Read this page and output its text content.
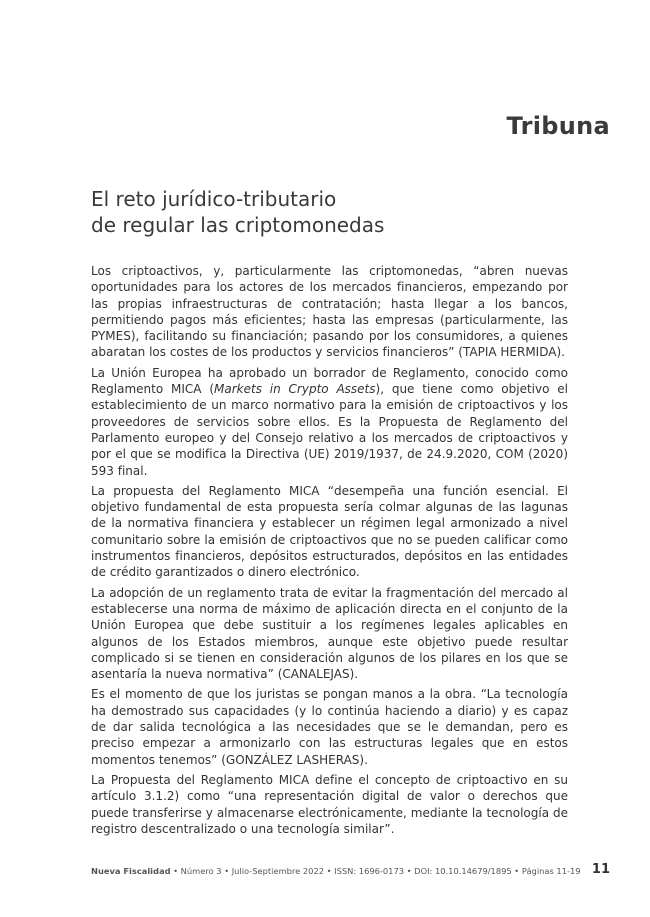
Tribuna
El reto jurídico-tributario
de regular las criptomonedas

Los criptoactivos, y, particularmente las criptomonedas, “abren nuevas oportunidades para los actores de los mercados financieros, empezando por las propias infraestructuras de contratación; hasta llegar a los bancos, permitiendo pagos más eficientes; hasta las empresas (particularmente, las PYMES), facilitando su financiación; pasando por los consumidores, a quienes abaratan los costes de los productos y servicios financieros” (TAPIA HERMIDA).

La Unión Europea ha aprobado un borrador de Reglamento, conocido como Reglamento MICA (Markets in Crypto Assets), que tiene como objetivo el establecimiento de un marco normativo para la emisión de criptoactivos y los proveedores de servicios sobre ellos. Es la Propuesta de Reglamento del Parlamento europeo y del Consejo relativo a los mercados de criptoactivos y por el que se modifica la Directiva (UE) 2019/1937, de 24.9.2020, COM (2020) 593 final.

La propuesta del Reglamento MICA “desempeña una función esencial. El objetivo fundamental de esta propuesta sería colmar algunas de las lagunas de la normativa financiera y establecer un régimen legal armonizado a nivel comunitario sobre la emisión de criptoactivos que no se pueden calificar como instrumentos financieros, depósitos estructurados, depósitos en las entidades de crédito garantizados o dinero electrónico.

La adopción de un reglamento trata de evitar la fragmentación del mercado al establecerse una norma de máximo de aplicación directa en el conjunto de la Unión Europea que debe sustituir a los regímenes legales aplicables en algunos de los Estados miembros, aunque este objetivo puede resultar complicado si se tienen en consideración algunos de los pilares en los que se asentaría la nueva normativa” (CANALEJAS).

Es el momento de que los juristas se pongan manos a la obra. “La tecnología ha demostrado sus capacidades (y lo continúa haciendo a diario) y es capaz de dar salida tecnológica a las necesidades que se le demandan, pero es preciso empezar a armonizarlo con las estructuras legales que en estos momentos tenemos” (GONZÁLEZ LASHERAS).

La Propuesta del Reglamento MICA define el concepto de criptoactivo en su artículo 3.1.2) como “una representación digital de valor o derechos que puede transferirse y almacenarse electrónicamente, mediante la tecnología de registro descentralizado o una tecnología similar”.

Nueva Fiscalidad • Número 3 • Julio-Septiembre 2022 • ISSN: 1696-0173 • DOI: 10.10.14679/1895 • Páginas 11-19 11
